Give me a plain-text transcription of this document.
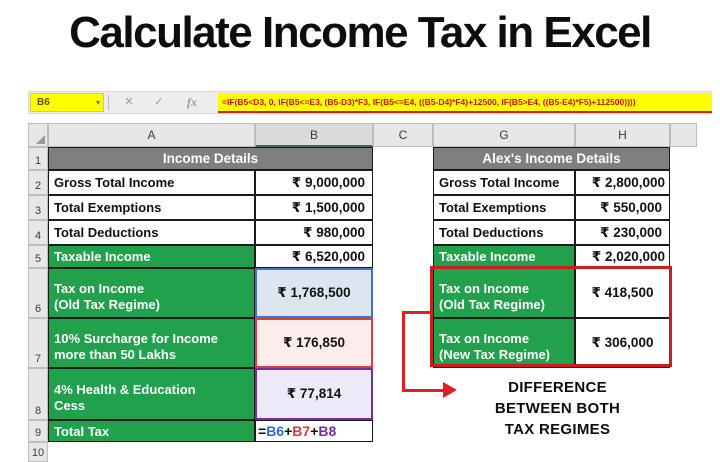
Calculate Income Tax in Excel
B6	▾	✕	✓	fx	=IF(B5<D3, 0, IF(B5<=E3, (B5-D3)*F3, IF(B5<=E4, ((B5-D4)*F4)+12500, IF(B5>E4, ((B5-E4)*F5)+112500))))
A	B	C	G	H
1
2
3
4
5
6
7
8
9
10
Income Details
Gross Total Income	₹ 9,000,000
Total Exemptions	₹ 1,500,000
Total Deductions	₹ 980,000
Taxable Income	₹ 6,520,000
Tax on Income
(Old Tax Regime)
₹ 1,768,500
10% Surcharge for Income
more than 50 Lakhs
₹ 176,850
4% Health & Education
Cess
₹ 77,814
Total Tax	= B6 + B7 + B8
Alex's Income Details
Gross Total Income	₹ 2,800,000
Total Exemptions	₹ 550,000
Total Deductions	₹ 230,000
Taxable Income	₹ 2,020,000
Tax on Income
(Old Tax Regime)
₹ 418,500
Tax on Income
(New Tax Regime)
₹ 306,000
DIFFERENCE
BETWEEN BOTH
TAX REGIMES
